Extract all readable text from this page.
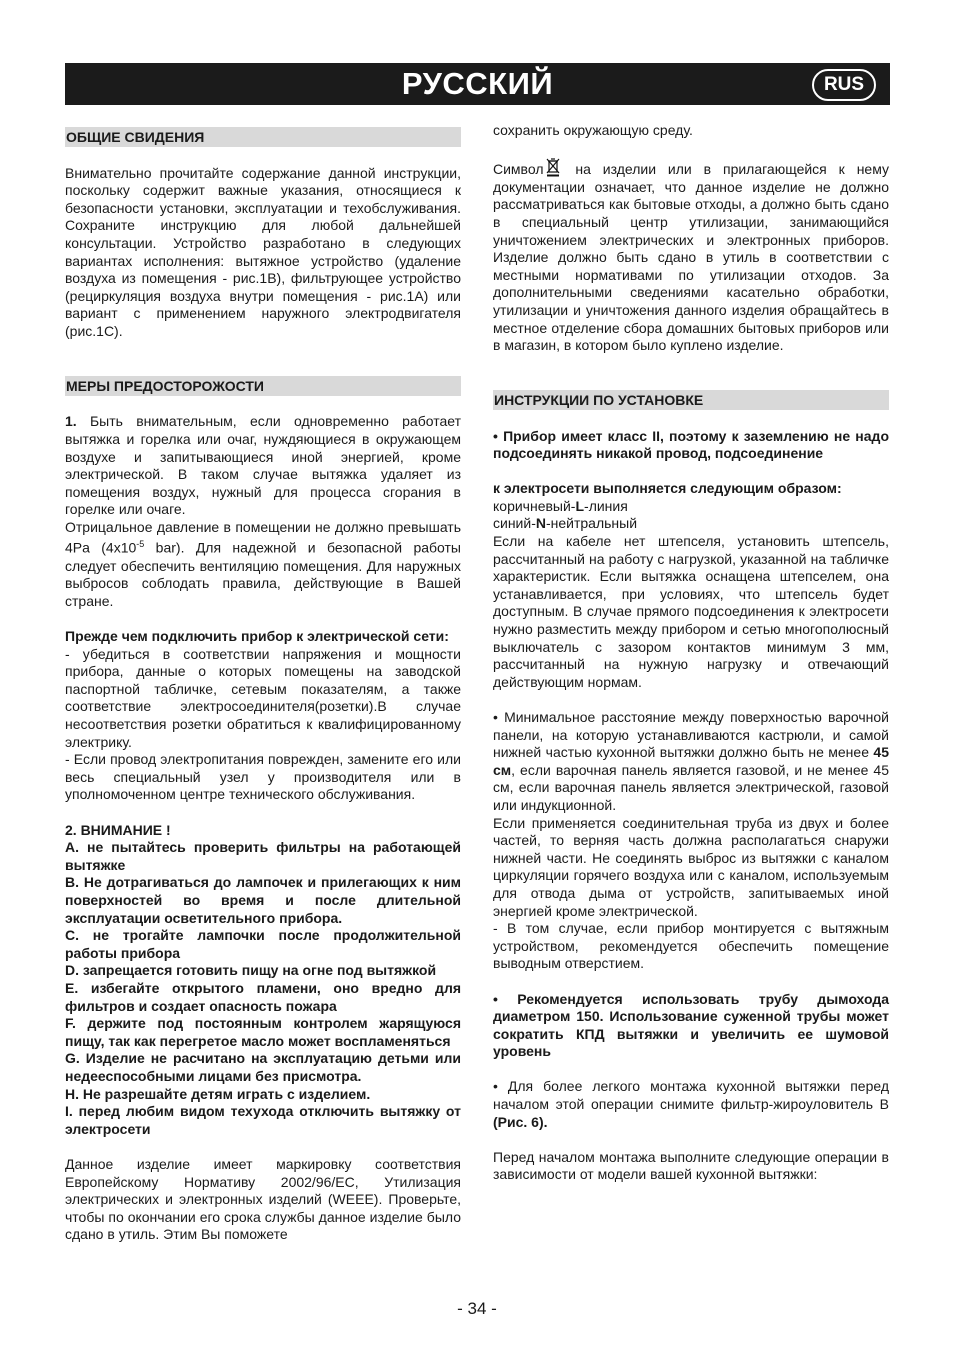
РУССКИЙ	RUS
ОБЩИЕ СВИДЕНИЯ

Внимательно прочитайте содержание данной инструкции, поскольку содержит важные указания, относящиеся к безопасности установки, эксплуатации и техобслуживания. Сохраните инструкцию для любой дальнейшей консультации. Устройство разработано в следующих вариантах исполнения: вытяжное устройство (удаление воздуха из помещения - рис.1В), фильтрующее устройство (рециркуляция воздуха внутри помещения - рис.1А) или вариант с применением наружного электродвигателя (рис.1С).

МЕРЫ ПРЕДОСТОРОЖОСТИ

1. Быть внимательным, если одновременно работает вытяжка и горелка или очаг, нуждяющиеся в окружающем воздухе и запитывающиеся иной энергией, кроме электрической. В таком случае вытяжка удаляет из помещения воздух, нужный для процесса сгорания в горелке или очаге.

Отрицальное давление в помещении не должно превышать 4Pa ($4x10^{-5}$ bar). Для надежной и безопасной работы следует обеспечить вентиляцию помещения. Для наружных выбросов соблодать правила, действующие в Вашей стране.

Прежде чем подключить прибор к электрической сети:

- убедиться в соответствии напряжения и мощности прибора, данные о которых помещены на заводской паспортной табличке, сетевым показателям, а также соответствие электросоединителя(розетки).В случае несоответствия розетки обратиться к квалифицированному электрику.

- Если провод электропитания поврежден, замените его или весь специальный узел у производителя или в уполномоченном центре технического обслуживания.

2. ВНИМАНИЕ !

A. не пытайтесь проверить фильтры на работающей вытяжке

B. Не дотрагиваться до лампочек и прилегающих к ним поверхностей во время и после длительной эксплуатации осветительного прибора.

C. не трогайте лампочки после продолжительной работы прибора

D. запрещается готовить пищу на огне под вытяжкой

E. избегайте открытого пламени, оно вредно для фильтров и создает опасность пожара

F. держите под постоянным контролем жарящуюся пищу, так как перегретое масло может воспламеняться

G. Изделие не расчитано на эксплуатацию детьми или недееспособными лицами без присмотра.

H. Не разрешайте детям играть с изделием.

I. перед любим видом техухода отключить вытяжку от электросети

Данное изделие имеет маркировку соответствия Европейскому Нормативу 2002/96/EC, Утилизация электрических и электронных изделий (WEEE). Проверьте, чтобы по окончании его срока службы данное изделие было сдано в утиль. Этим Вы поможете

сохранить окружающую среду.

Символ на изделии или в прилагающейся к нему документации означает, что данное изделие не должно рассматриваться как бытовые отходы, а должно быть сдано в специальный центр утилизации, занимающийся уничтожением электрических и электронных приборов. Изделие должно быть сдано в утиль в соответствии с местными нормативами по утилизации отходов. За дополнительными сведениями касательно обработки, утилизации и уничтожения данного изделия обращайтесь в местное отделение сбора домашних бытовых приборов или в магазин, в котором было куплено изделие.

ИНСТРУКЦИИ ПО УСТАНОВКЕ

• Прибор имеет класс II, поэтому к заземлению не надо подсоединять никакой провод, подсоединение

к электросети выполняется следующим образом:

коричневый-L-линия

синий-N-нейтральный

Если на кабеле нет штепселя, установить штепсель, рассчитанный на работу с нагрузкой, указанной на табличке характеристик. Если вытяжка оснащена штепселем, она устанавливается, при условиях, что штепсель будет доступным. В случае прямого подсоединения к электросети нужно разместить между прибором и сетью многополюсный выключатель с зазором контактов минимум 3 мм, рассчитанный на нужную нагрузку и отвечающий действующим нормам.

• Минимальное расстояние между поверхностью варочной панели, на которую устанавливаются кастрюли, и самой нижней частью кухонной вытяжки должно быть не менее 45 см, если варочная панель является газовой, и не менее 45 см, если варочная панель является электрической, газовой или индукционной.

Если применяется соединительная труба из двух и более частей, то верняя часть должна располагаться снаружи нижней части. Не соединять выброс из вытяжки с каналом циркуляции горячего воздуха или с каналом, используемым для отвода дыма от устройств, запитываемых иной энергией кроме электрической.

- В том случае, если прибор монтируется с вытяжным устройством, рекомендуется обеспечить помещение выводным отверстием.

• Рекомендуется использовать трубу дымохода диаметром 150. Использование суженной трубы может сократить КПД вытяжки и увеличить ее шумовой уровень

• Для более легкого монтажа кухонной вытяжки перед началом этой операции снимите фильтр-жироуловитель B (Рис. 6).

Перед началом монтажа выполните следующие операции в зависимости от модели вашей кухонной вытяжки:

- 34 -
